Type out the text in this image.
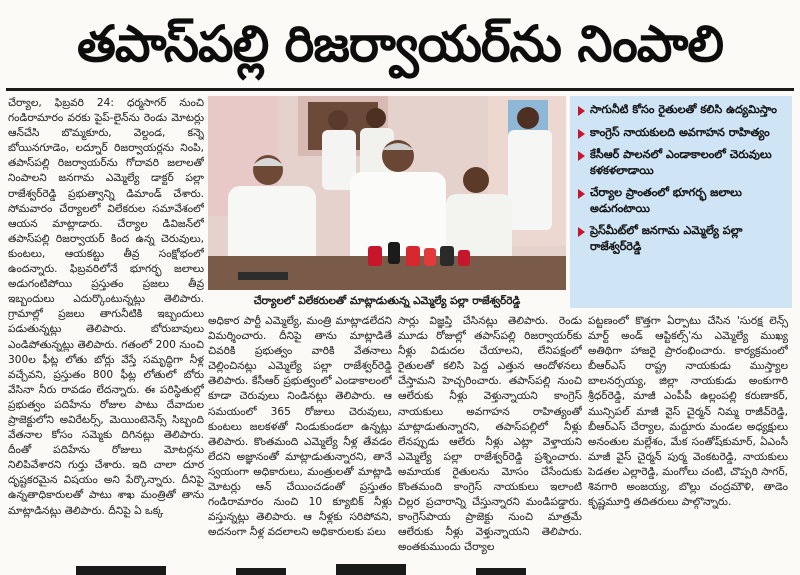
తపాస్‌పల్లి రిజర్వాయర్‌ను నింపాలి

చేర్యాల, ఫిబ్రవరి 24: ధర్మసాగర్ నుంచి గండిరామారం వరకు పైప్-లైన్‌ను రెండు మోటర్లు ఆన్‌చేసి బొమ్మకూరు, వెల్దండ, కన్నె బోయినగూడెం, లద్నూర్ రిజర్వాయర్లను నింపి, తపాస్‌పల్లి రిజర్వాయర్‌ను గోదావరి జలాలతో నింపాలని జనగామ ఎమ్మెల్యే డాక్టర్ పల్లా రాజేశ్వర్‌రెడ్డి ప్రభుత్వాన్ని డిమాండ్ చేశారు. సోమవారం చేర్యాలలో విలేకరుల సమావేశంలో ఆయన మాట్లాడారు. చేర్యాల డివిజన్‌లో తపాస్‌పల్లి రిజర్వాయర్ కింద ఉన్న చెరువులు, కుంటలు, ఆయకట్టు తీవ్ర సంక్షోభంలో ఉందన్నారు. ఫిబ్రవరిలోనే భూగర్భ జలాలు అడుగంటిపోయి ప్రస్తుతం ప్రజలు తీవ్ర ఇబ్బందులు ఎదుర్కొంటున్నట్లు తెలిపారు. గ్రామాల్లో ప్రజలు తాగునీటికి ఇబ్బందులు పడుతున్నట్లు తెలిపారు. బోరుబావులు ఎండిపోతున్నట్లు తెలిపారు. గతంలో 200 నుంచి 300ల ఫీట్ల లోతు బోర్లు వేస్తే సమృద్ధిగా నీళ్ల వచ్చేవని, ప్రస్తుతం 800 ఫీట్ల లోతులో బోరు వేసినా నీరు రావడం లేదన్నారు. ఈ పరిస్థితుల్లో ప్రభుత్వం పదిహేను రోజుల పాటు దేవాదుల ప్రాజెక్టులోని అవిరేటర్స్, మెయింటెనెన్స్ సిబ్బంది వేతనాల కోసం సమ్మెకు దిగినట్లు తెలిపారు. దీంతో పదిహేను రోజులు మోటర్లను నిలిపివేశారని గుర్తు చేశారు. ఇది చాలా దూర దృష్టకరమైన విషయం అని పేర్కొన్నారు. దీనిపై ఉన్నతాధికారులతో పాటు శాఖ మంత్రితో తాను మాట్లాడినట్లు తెలిపారు. దీనిపై ఏ ఒక్క

చేర్యాలలో విలేకరులతో మాట్లాడుతున్న ఎమ్మెల్యే పల్లా రాజేశ్వర్‌రెడ్డి
సాగునీటి కోసం రైతులతో కలిసి ఉద్యమిస్తాం
కాంగ్రెస్ నాయకులది అవగాహన రాహిత్యం
కేసీఆర్ పాలనలో ఎండాకాలంలో చెరువులు కళకళలాడాయి
చేర్యాల ప్రాంతంలో భూగర్భ జలాలు అడుగంటాయి
ప్రెస్‌మీట్‌లో జనగామ ఎమ్మెల్యే పల్లా రాజేశ్వర్‌రెడ్డి

అధికార పార్టీ ఎమ్మెల్యే, మంత్రి మాట్లాడలేదని విమర్శించారు. దీనిపై తాను మాట్లాడితే చివరికి ప్రభుత్వం వారికి వేతనాలు చెల్లించినట్లు ఎమ్మెల్యే పల్లా రాజేశ్వర్‌రెడ్డి తెలిపారు. కేసీఆర్ ప్రభుత్వంలో ఎండాకాలంలో కూడా చెరువులు నిండినట్లు తెలిపారు. ఆ సమయంలో 365 రోజులు చెరువులు, కుంటలు జలకళతో నిండుకుండలా ఉన్నట్లు తెలిపారు. కొంతమంది ఎమ్మెల్యే నీళ్ల తేవడం లేదని అజ్ఞానంతో మాట్లాడుతున్నారని, తానే స్వయంగా అధికారులు, మంత్రులతో మాట్లాడి మోటర్లు ఆన్ చేయించడంతో ప్రస్తుతం గండిరామారం నుంచి 10 క్యూబిక్ నీళ్లు వస్తున్నట్లు తెలిపారు. ఆ నీళ్లకు సరిపోవని, అదనంగా నీళ్ల వదలాలని అధికారులకు పలు

సార్లు విజ్ఞప్తి చేసినట్లు తెలిపారు. రెండు మూడు రోజుల్లో తపాస్‌పల్లి రిజర్వాయర్‌కు నీళ్లు విడుదల చేయాలని, లేనిపక్షంలో రైతులతో కలిసి పెద్ద ఎత్తున ఆందోళనలు చేస్తామని హెచ్చరించారు. తపాస్‌పల్లి నుంచి ఆలేరుకు నీళ్లు వెళ్తున్నాయని కాంగ్రెస్ నాయకులు అవగాహన రాహిత్యంతో మాట్లాడుతున్నారని, తపాస్‌పల్లిలో నీళ్లు లేనప్పుడు ఆలేరు నీళ్లు ఎట్లా వెళ్తాయని ఎమ్మెల్యే పల్లా రాజేశ్వర్‌రెడ్డి ప్రశ్నించారు. అమాయక రైతులను మోసం చేసేందుకు కొంతమంది కాంగ్రెస్ నాయకులు ఇలాంటి చిల్లర ప్రచారాన్ని చేస్తున్నారని మండిపడ్డారు. కాంగ్రెస్‌పాయ ప్రాజెక్టు నుంచి మాత్రమే ఆలేరుకు నీళ్లు వెళ్తున్నాయని తెలిపారు. అంతకుముందు చేర్యాల

పట్టణంలో కొత్తగా ఏర్పాటు చేసిన 'సురక్ష లెన్స్ మార్ట్ అండ్ ఆప్టికల్స్'ను ఎమ్మెల్యే ముఖ్య అతిథిగా హాజరై ప్రారంభించారు. కార్యక్రమంలో బీఆర్ఎస్ రాష్ట్ర నాయకుడు ముస్త్యాల బాలనర్సయ్య, జిల్లా నాయకుడు అంకుగారి శ్రీధర్‌రెడ్డి, మాజీ ఎంపీపీ ఉల్లంపల్లి కరుణాకర్, మున్సిపల్ మాజీ వైస్ చైర్మన్ నిమ్మ రాజీవ్‌రెడ్డి, బీఆర్ఎస్ చేర్యాల, మద్దూరు మండల అధ్యక్షులు అనంతుల మల్లేశం, మేక సంతోష్‌కుమార్, ఏఎంసీ మాజీ వైస్ చైర్మన్ పుర్మ వెంకటరెడ్డి, నాయకులు పెడతల ఎల్లారెడ్డి, మంగోలు చంటి, చొప్పరి సాగర్, శివగారి అంజయ్య, బొల్లు చంద్రమౌళి, తాడెం కృష్ణమూర్తి తదితరులు పాల్గొన్నారు.
